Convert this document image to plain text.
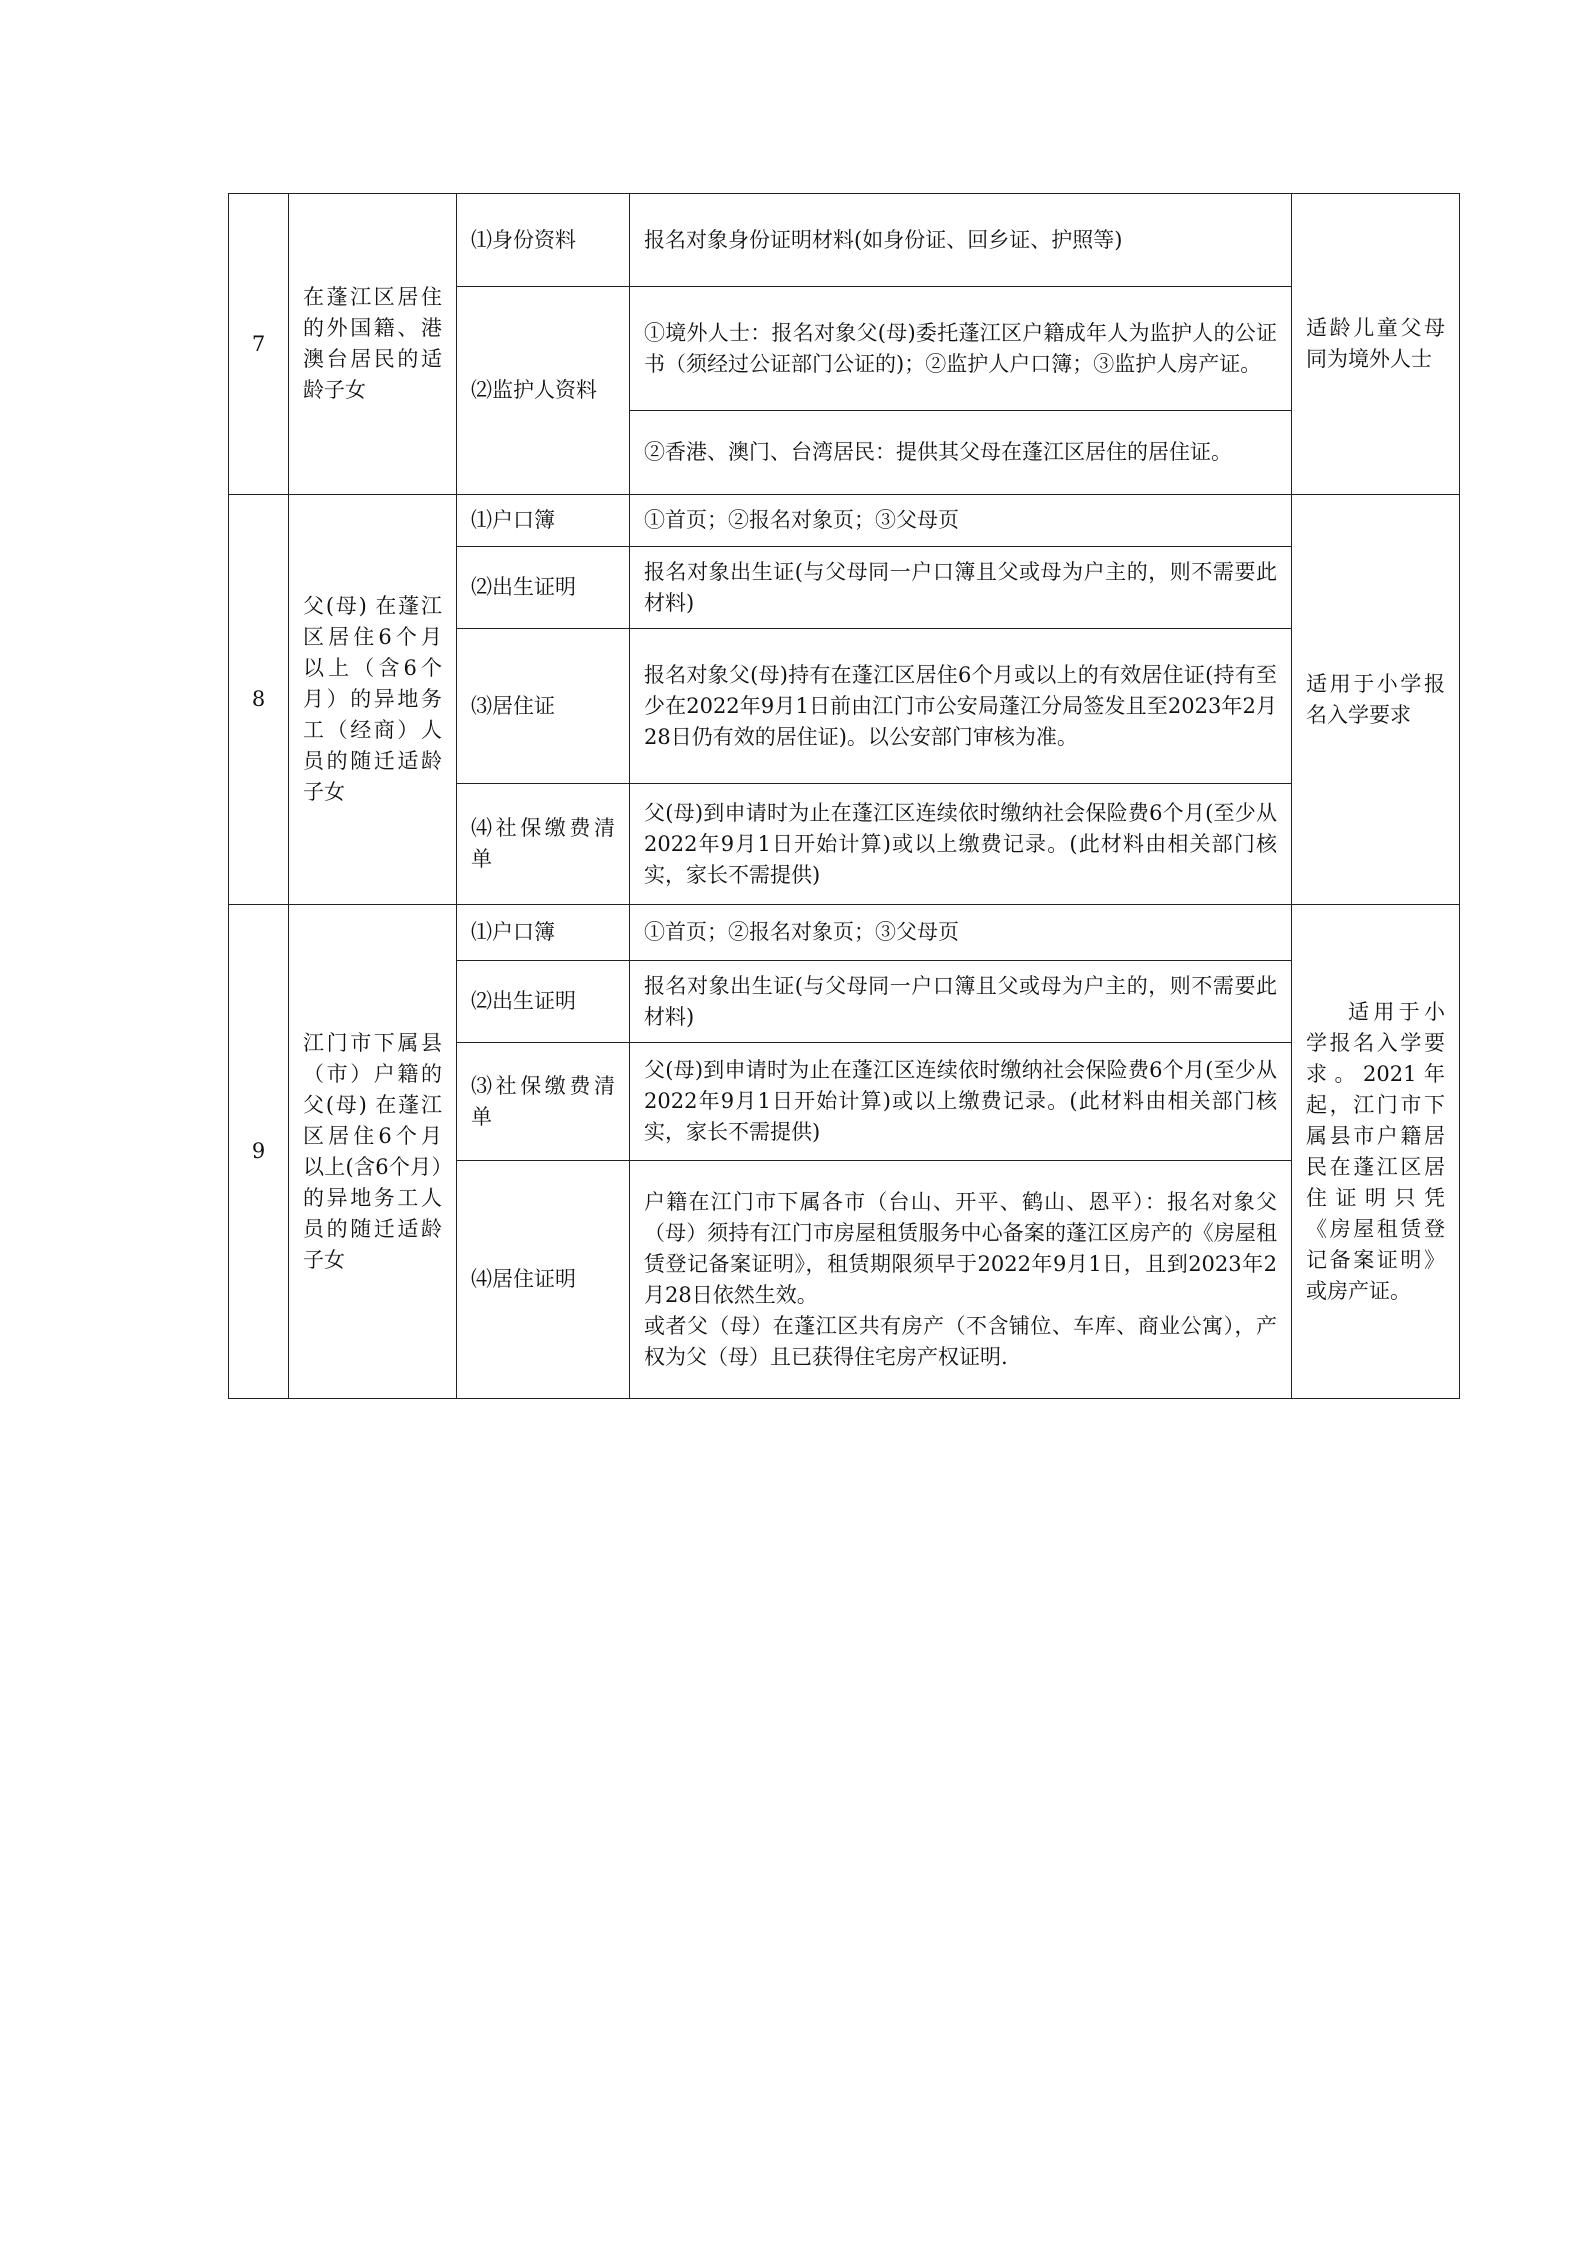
7	在蓬江区居住的外国籍、港澳台居民的适龄子女	⑴身份资料	报名对象身份证明材料(如身份证、回乡证、护照等)	适龄儿童父母同为境外人士
		⑵监护人资料	①境外人士：报名对象父(母)委托蓬江区户籍成年人为监护人的公证书（须经过公证部门公证的)；②监护人户口簿；③监护人房产证。	
			②香港、澳门、台湾居民：提供其父母在蓬江区居住的居住证。	
8	父(母) 在蓬江区居住6个月以上（含6个月）的异地务工（经商）人员的随迁适龄子女	⑴户口簿	①首页；②报名对象页；③父母页	适用于小学报名入学要求
		⑵出生证明	报名对象出生证(与父母同一户口簿且父或母为户主的，则不需要此材料)	
		⑶居住证	报名对象父(母)持有在蓬江区居住6个月或以上的有效居住证(持有至少在2022年9月1日前由江门市公安局蓬江分局签发且至2023年2月28日仍有效的居住证)。以公安部门审核为准。	
		⑷社保缴费清单	父(母)到申请时为止在蓬江区连续依时缴纳社会保险费6个月(至少从2022年9月1日开始计算)或以上缴费记录。(此材料由相关部门核实，家长不需提供)	
9	江门市下属县（市）户籍的父(母) 在蓬江区居住6个月以上(含6个月）的异地务工人员的随迁适龄子女	⑴户口簿	①首页；②报名对象页；③父母页	适用于小学报名入学要求。2021年起，江门市下属县市户籍居民在蓬江区居住证明只凭《房屋租赁登记备案证明》或房产证。
		⑵出生证明	报名对象出生证(与父母同一户口簿且父或母为户主的，则不需要此材料)	
		⑶社保缴费清单	父(母)到申请时为止在蓬江区连续依时缴纳社会保险费6个月(至少从2022年9月1日开始计算)或以上缴费记录。(此材料由相关部门核实，家长不需提供)	
		⑷居住证明	户籍在江门市下属各市（台山、开平、鹤山、恩平）：报名对象父（母）须持有江门市房屋租赁服务中心备案的蓬江区房产的《房屋租赁登记备案证明》，租赁期限须早于2022年9月1日，且到2023年2月28日依然生效。
或者父（母）在蓬江区共有房产（不含铺位、车库、商业公寓），产权为父（母）且已获得住宅房产权证明.	
